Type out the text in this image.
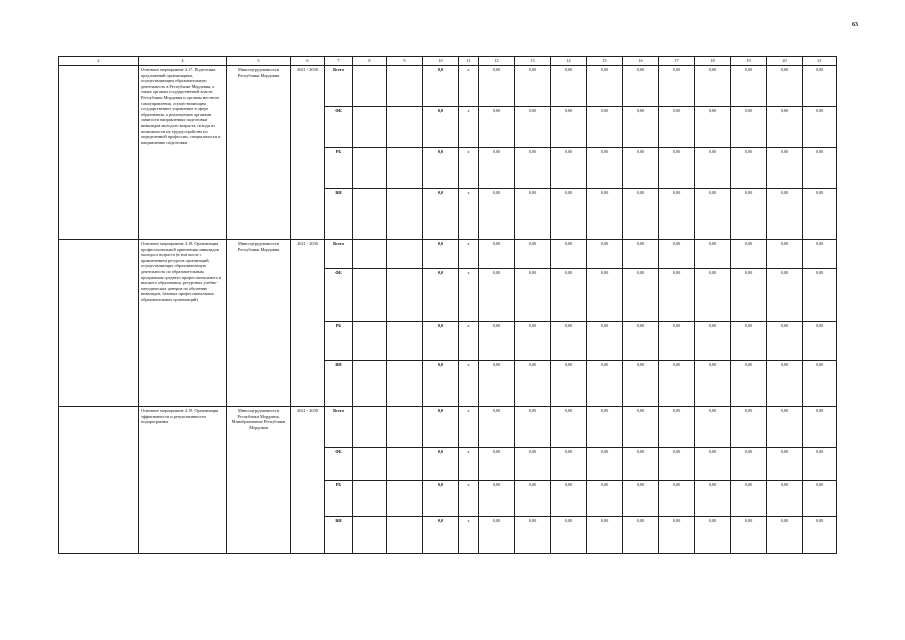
63
2	4	5	6	7	8	9	10	11	12	13	14	15	16	17	18	19	20	21
	Основное мероприятие 4.17. Подготовка предложений организациям, осуществляющим образовательную деятельность в Республике Мордовия, а также органам государственной власти Республики Мордовия и органам местного самоуправления, осуществляющим государственное управление в сфере образования, о реализуемых органами занятости направлениях подготовки инвалидов молодого возраста, исходя из возможности их трудоустройства по определенной профессии, специальности и направлению подготовки	Минсоцтрудзанятости Республики Мордовия	2021 - 2030	Всего			0,0	х	0,00	0,00	0,00	0,00	0,00	0,00	0,00	0,00	0,00	0,00
				ФБ			0,0	х	0,00	0,00	0,00	0,00	0,00	0,00	0,00	0,00	0,00	0,00
				РБ			0,0	х	0,00	0,00	0,00	0,00	0,00	0,00	0,00	0,00	0,00	0,00
				ВИ			0,0	х	0,00	0,00	0,00	0,00	0,00	0,00	0,00	0,00	0,00	0,00
	Основное мероприятие 4.18. Организация профессиональной ориентации инвалидов молодого возраста (в том числе с привлечением ресурсов организаций, осуществляющих образовательную деятельность по образовательным программам среднего профессионального и высшего образования, ресурсных учебно-методических центров по обучению инвалидов, базовых профессиональных образовательных организаций)	Минсоцтрудзанятости Республики Мордовия	2021 - 2030	Всего			0,0	х	0,00	0,00	0,00	0,00	0,00	0,00	0,00	0,00	0,00	0,00
				ФБ			0,0	х	0,00	0,00	0,00	0,00	0,00	0,00	0,00	0,00	0,00	0,00
				РБ			0,0	х	0,00	0,00	0,00	0,00	0,00	0,00	0,00	0,00	0,00	0,00
				ВИ			0,0	х	0,00	0,00	0,00	0,00	0,00	0,00	0,00	0,00	0,00	0,00
	Основное мероприятие 4.19. Организация эффективности и результативности подпрограммы	Минсоцтрудзанятости Республики Мордовия, Минобразование Республики Мордовия	2021 - 2030	Всего			0,0	х	0,00	0,00	0,00	0,00	0,00	0,00	0,00	0,00	0,00	0,00
				ФБ			0,0	х	0,00	0,00	0,00	0,00	0,00	0,00	0,00	0,00	0,00	0,00
				РБ			0,0	х	0,00	0,00	0,00	0,00	0,00	0,00	0,00	0,00	0,00	0,00
				ВИ			0,0	х	0,00	0,00	0,00	0,00	0,00	0,00	0,00	0,00	0,00	0,00
